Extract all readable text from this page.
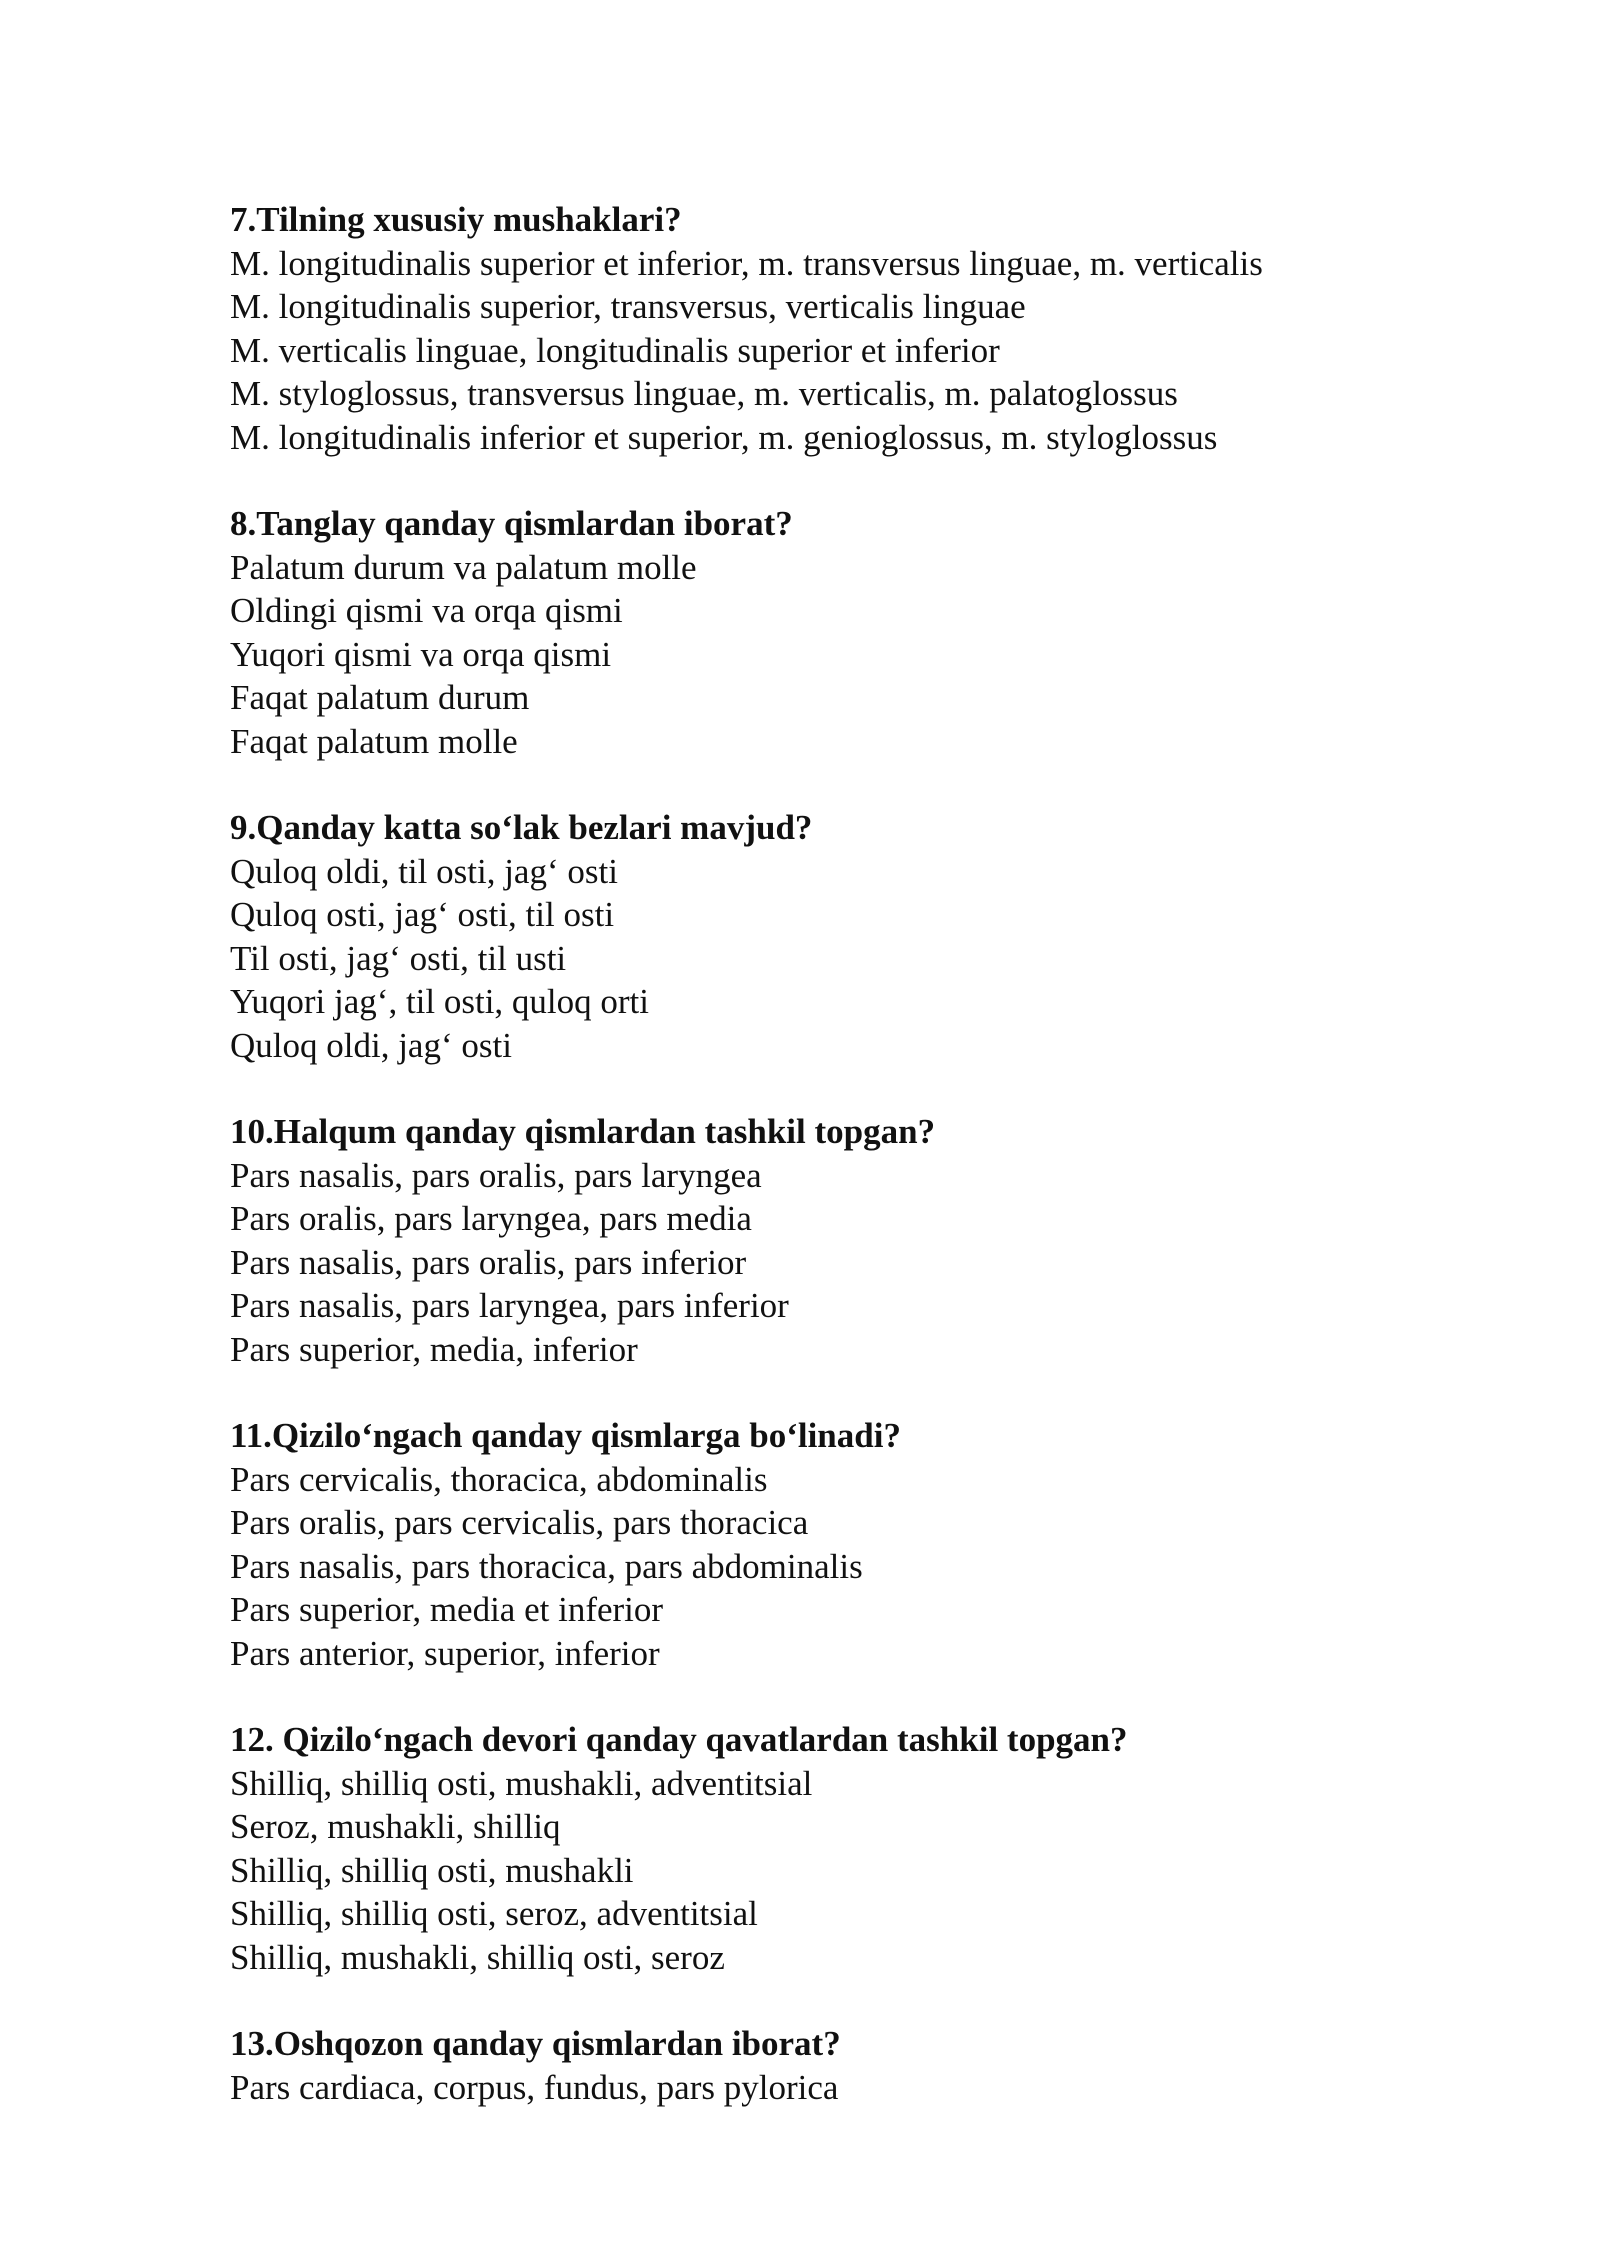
7.Tilning xususiy mushaklari?
M. longitudinalis superior et inferior, m. transversus linguae, m. verticalis
M. longitudinalis superior, transversus, verticalis linguae
M. verticalis linguae, longitudinalis superior et inferior
M. styloglossus, transversus linguae, m. verticalis, m. palatoglossus
M. longitudinalis inferior et superior, m. genioglossus, m. styloglossus
8.Tanglay qanday qismlardan iborat?
Palatum durum va palatum molle
Oldingi qismi va orqa qismi
Yuqori qismi va orqa qismi
Faqat palatum durum
Faqat palatum molle
9.Qanday katta so‘lak bezlari mavjud?
Quloq oldi, til osti, jag‘ osti
Quloq osti, jag‘ osti, til osti
Til osti, jag‘ osti, til usti
Yuqori jag‘, til osti, quloq orti
Quloq oldi, jag‘ osti
10.Halqum qanday qismlardan tashkil topgan?
Pars nasalis, pars oralis, pars laryngea
Pars oralis, pars laryngea, pars media
Pars nasalis, pars oralis, pars inferior
Pars nasalis, pars laryngea, pars inferior
Pars superior, media, inferior
11.Qizilo‘ngach qanday qismlarga bo‘linadi?
Pars cervicalis, thoracica, abdominalis
Pars oralis, pars cervicalis, pars thoracica
Pars nasalis, pars thoracica, pars abdominalis
Pars superior, media et inferior
Pars anterior, superior, inferior
12. Qizilo‘ngach devori qanday qavatlardan tashkil topgan?
Shilliq, shilliq osti, mushakli, adventitsial
Seroz, mushakli, shilliq
Shilliq, shilliq osti, mushakli
Shilliq, shilliq osti, seroz, adventitsial
Shilliq, mushakli, shilliq osti, seroz
13.Oshqozon qanday qismlardan iborat?
Pars cardiaca, corpus, fundus, pars pylorica
